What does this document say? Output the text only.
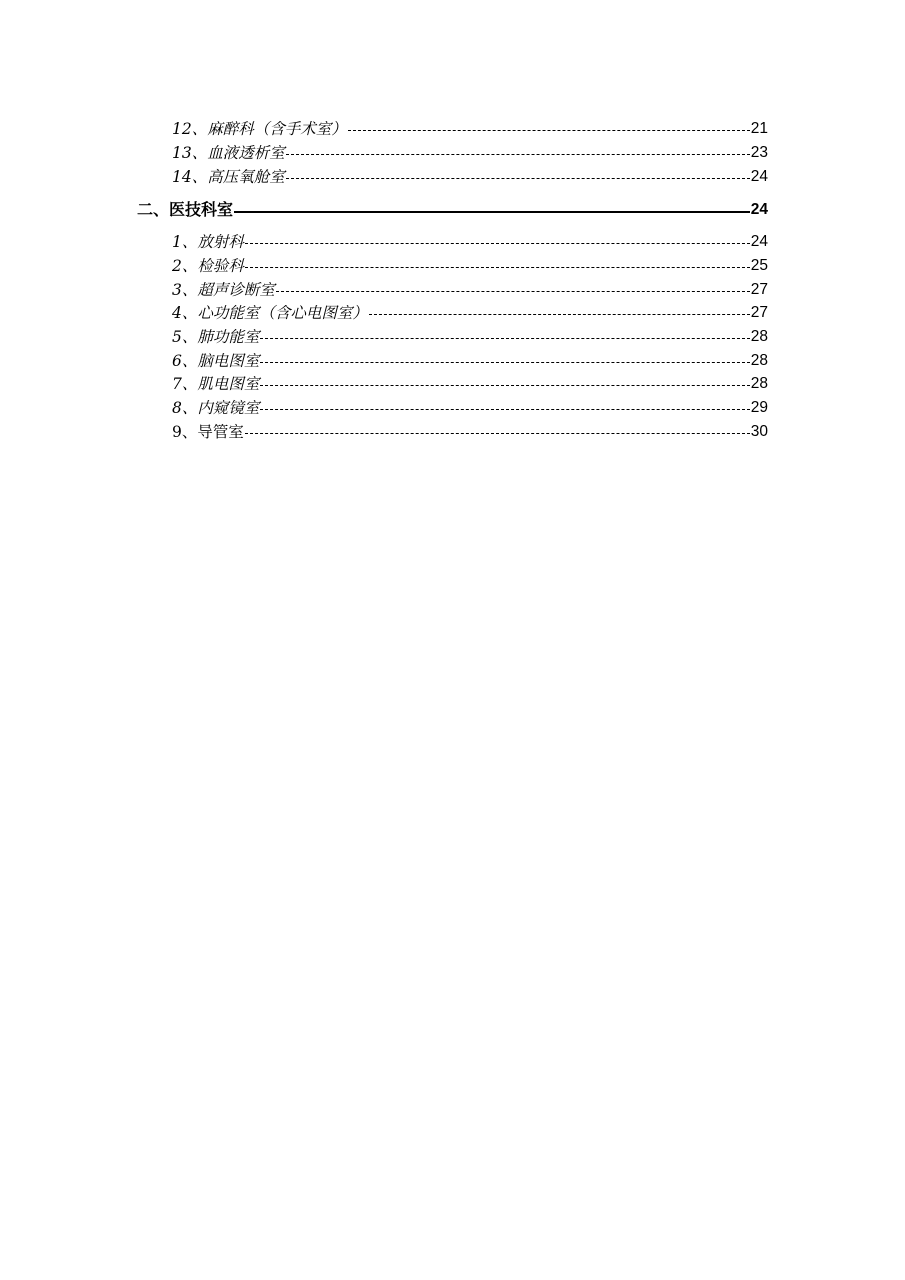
12、麻醉科（含手术室）	21
13、血液透析室	23
14、高压氧舱室	24
二、医技科室	24
1、放射科	24
2、检验科	25
3、超声诊断室	27
4、心功能室（含心电图室）	27
5、肺功能室	28
6、脑电图室	28
7、肌电图室	28
8、内窥镜室	29
9、导管室	30
